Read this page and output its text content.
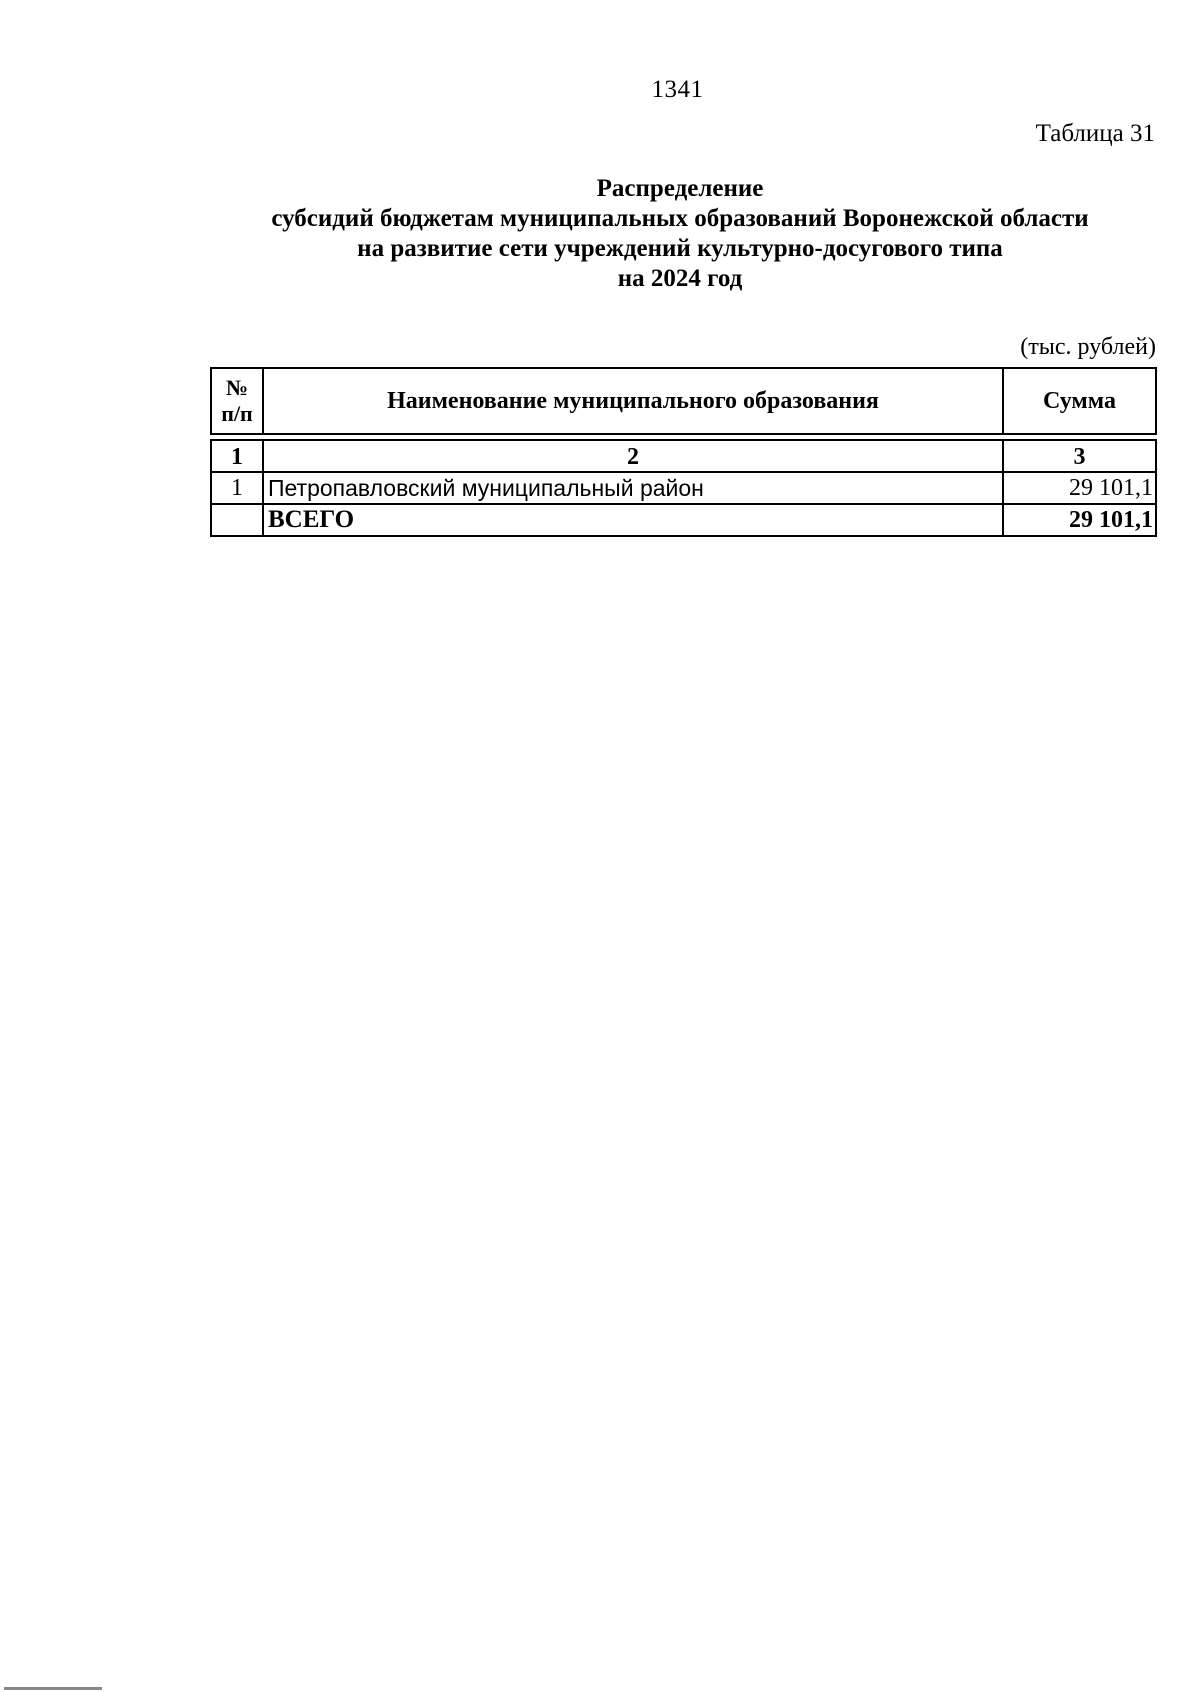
1341
Таблица 31
Распределение
субсидий бюджетам муниципальных образований Воронежской области
на развитие сети учреждений культурно-досугового типа
на 2024 год
(тыс. рублей)
№ п/п	Наименование муниципального образования	Сумма
1	2	3
1	Петропавловский муниципальный район	29 101,1
	ВСЕГО	29 101,1
